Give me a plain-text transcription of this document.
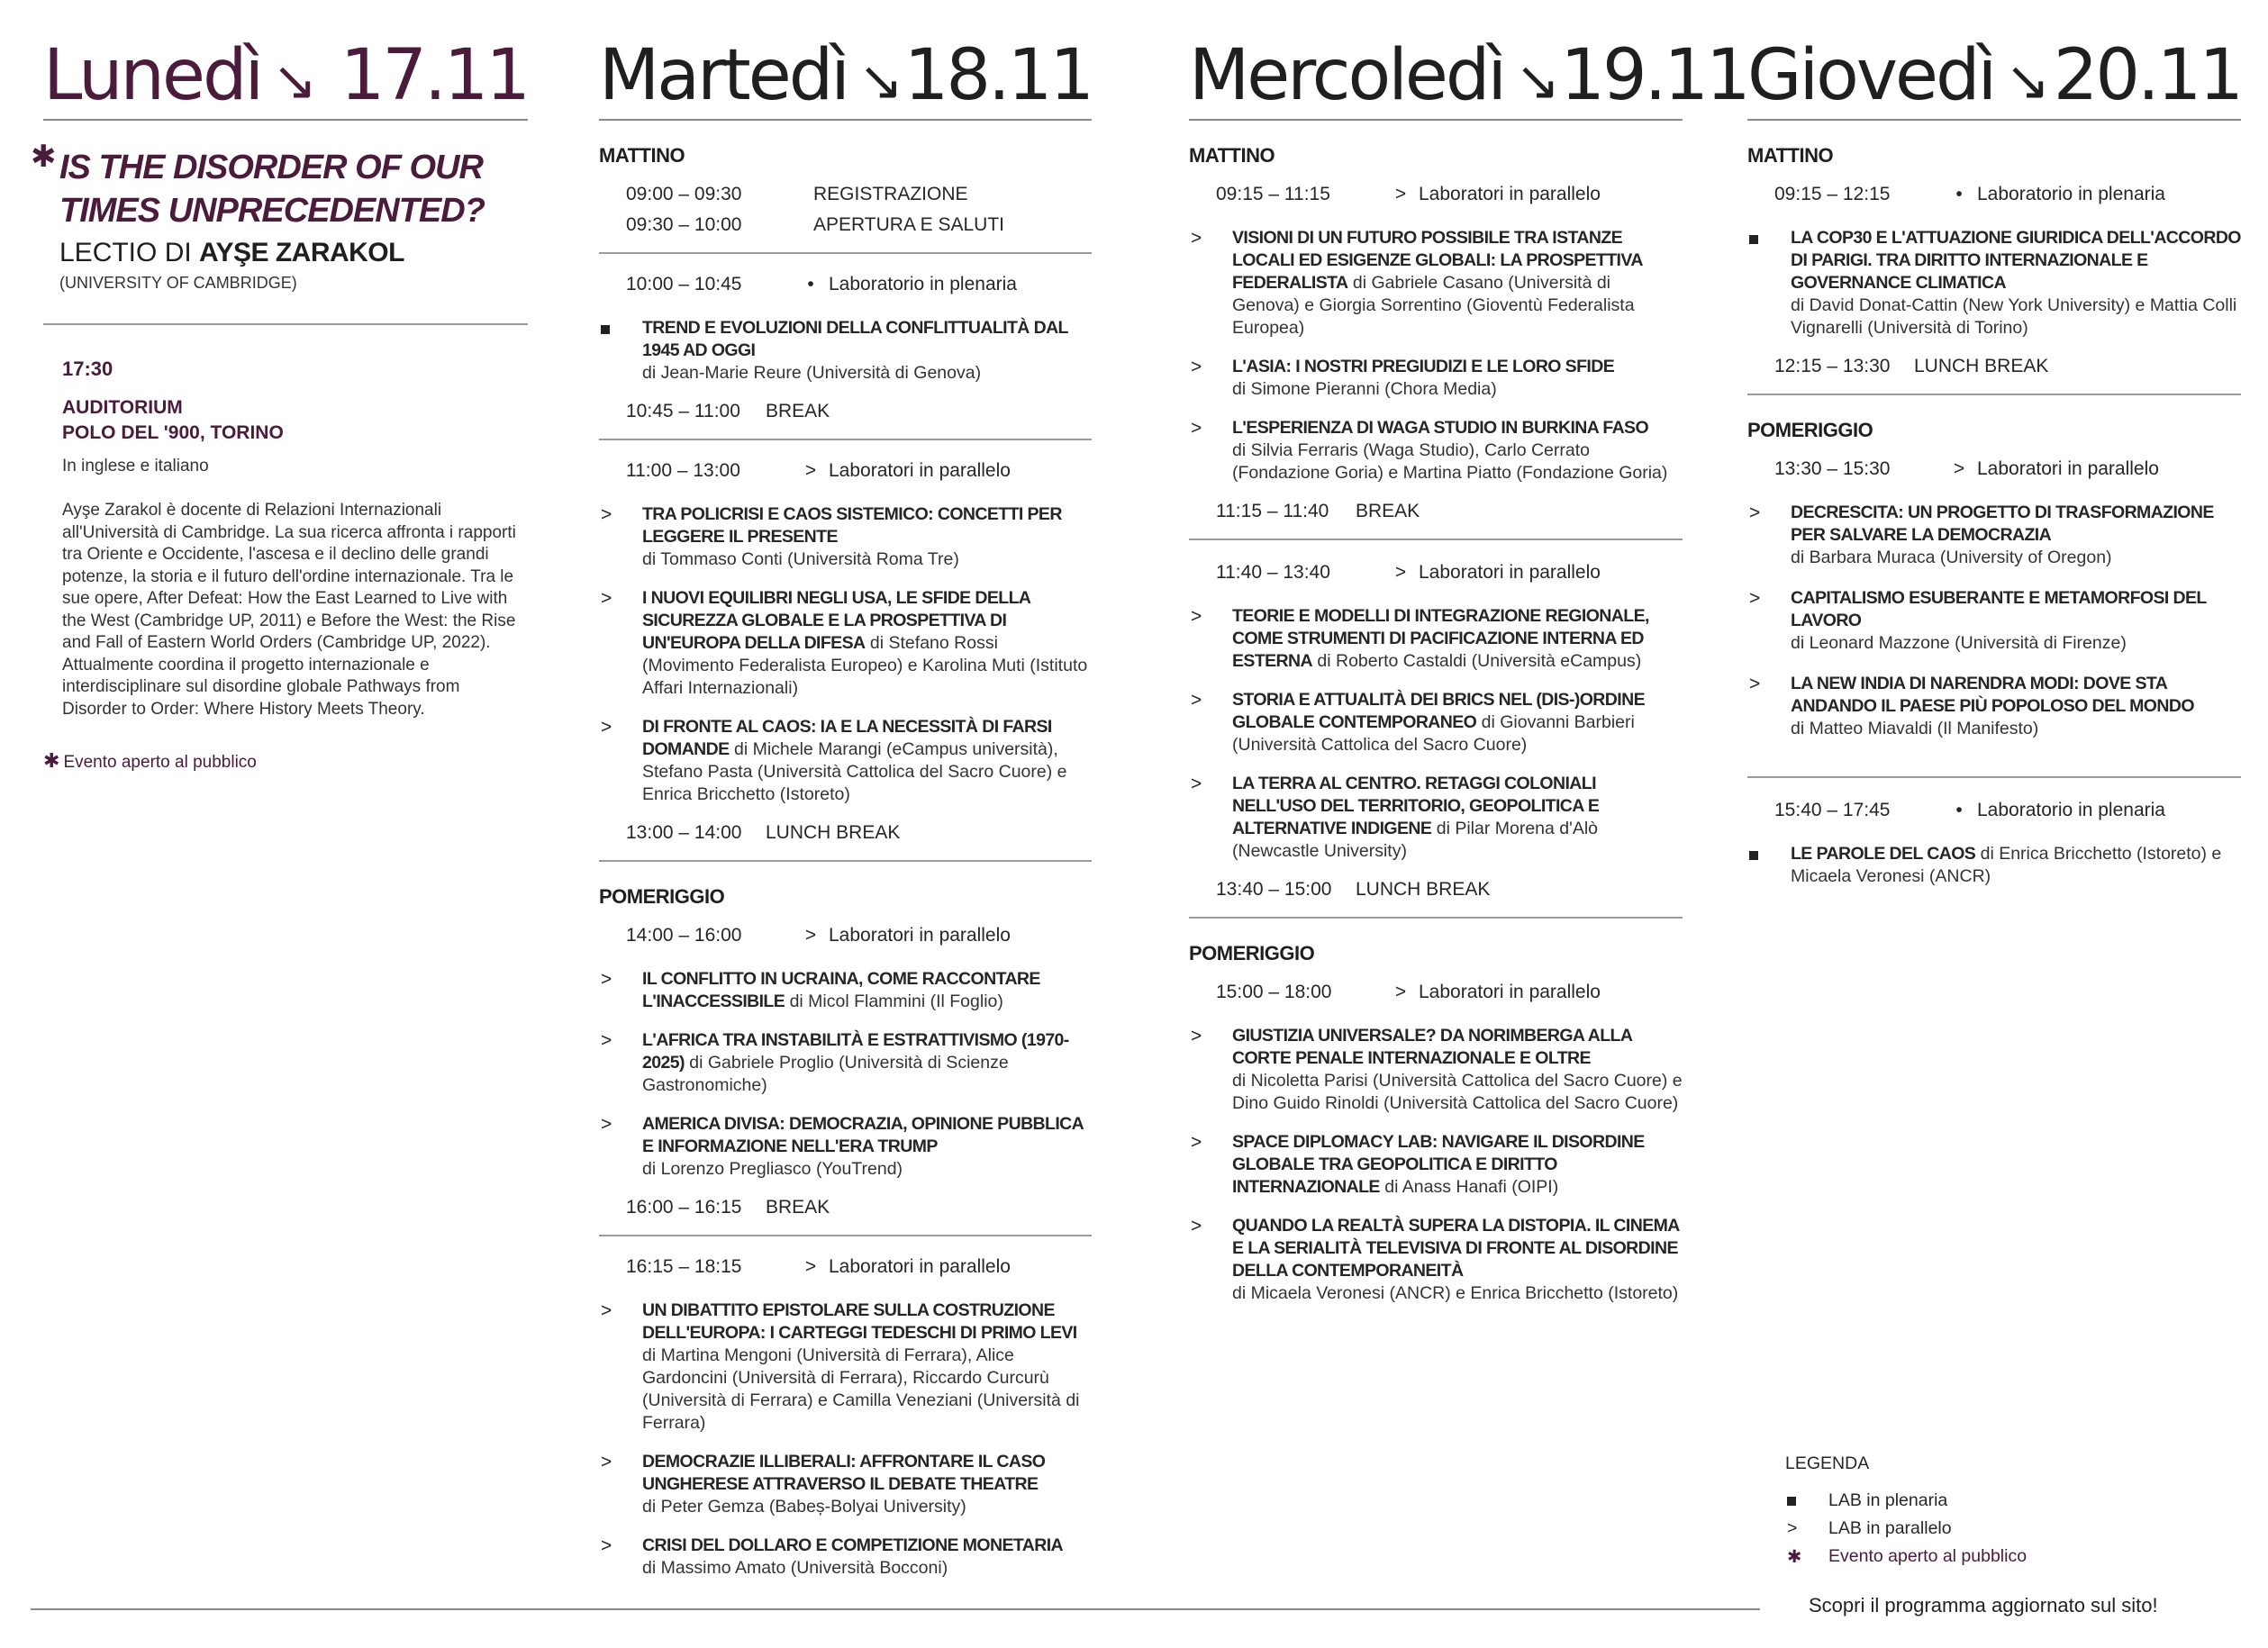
Lunedì ↘ 17.11
✱ IS THE DISORDER OF OUR
TIMES UNPRECEDENTED?
LECTIO DI AYŞE ZARAKOL
(UNIVERSITY OF CAMBRIDGE)
17:30
AUDITORIUM
POLO DEL '900, TORINO
In inglese e italiano
Ayşe Zarakol è docente di Relazioni Internazionali all'Università di Cambridge. La sua ricerca affronta i rapporti tra Oriente e Occidente, l'ascesa e il declino delle grandi potenze, la storia e il futuro dell'ordine internazionale. Tra le sue opere, After Defeat: How the East Learned to Live with the West (Cambridge UP, 2011) e Before the West: the Rise and Fall of Eastern World Orders (Cambridge UP, 2022). Attualmente coordina il progetto internazionale e interdisciplinare sul disordine globale Pathways from Disorder to Order: Where History Meets Theory.
✱ Evento aperto al pubblico
Martedì ↘ 18.11
MATTINO
09:00 – 09:30	REGISTRAZIONE
09:30 – 10:00	APERTURA E SALUTI
10:00 – 10:45	• Laboratorio in plenaria
TREND E EVOLUZIONI DELLA CONFLITTUALITÀ DAL 1945 AD OGGI
di Jean-Marie Reure (Università di Genova)
10:45 – 11:00	BREAK
11:00 – 13:00	> Laboratori in parallelo
>	TRA POLICRISI E CAOS SISTEMICO: CONCETTI PER LEGGERE IL PRESENTE
di Tommaso Conti (Università Roma Tre)
>	I NUOVI EQUILIBRI NEGLI USA, LE SFIDE DELLA SICUREZZA GLOBALE E LA PROSPETTIVA DI UN'EUROPA DELLA DIFESA di Stefano Rossi (Movimento Federalista Europeo) e Karolina Muti (Istituto Affari Internazionali)
>	DI FRONTE AL CAOS: IA E LA NECESSITÀ DI FARSI DOMANDE di Michele Marangi (eCampus università), Stefano Pasta (Università Cattolica del Sacro Cuore) e Enrica Bricchetto (Istoreto)
13:00 – 14:00	LUNCH BREAK
POMERIGGIO
14:00 – 16:00	> Laboratori in parallelo
>	IL CONFLITTO IN UCRAINA, COME RACCONTARE L'INACCESSIBILE di Micol Flammini (Il Foglio)
>	L'AFRICA TRA INSTABILITÀ E ESTRATTIVISMO (1970-2025) di Gabriele Proglio (Università di Scienze Gastronomiche)
>	AMERICA DIVISA: DEMOCRAZIA, OPINIONE PUBBLICA E INFORMAZIONE NELL'ERA TRUMP
di Lorenzo Pregliasco (YouTrend)
16:00 – 16:15	BREAK
16:15 – 18:15	> Laboratori in parallelo
>	UN DIBATTITO EPISTOLARE SULLA COSTRUZIONE DELL'EUROPA: I CARTEGGI TEDESCHI DI PRIMO LEVI
di Martina Mengoni (Università di Ferrara), Alice Gardoncini (Università di Ferrara), Riccardo Curcurù (Università di Ferrara) e Camilla Veneziani (Università di Ferrara)
>	DEMOCRAZIE ILLIBERALI: AFFRONTARE IL CASO UNGHERESE ATTRAVERSO IL DEBATE THEATRE
di Peter Gemza (Babeș-Bolyai University)
>	CRISI DEL DOLLARO E COMPETIZIONE MONETARIA
di Massimo Amato (Università Bocconi)
Mercoledì ↘ 19.11
MATTINO
09:15 – 11:15	> Laboratori in parallelo
>	VISIONI DI UN FUTURO POSSIBILE TRA ISTANZE LOCALI ED ESIGENZE GLOBALI: LA PROSPETTIVA FEDERALISTA di Gabriele Casano (Università di Genova) e Giorgia Sorrentino (Gioventù Federalista Europea)
>	L'ASIA: I NOSTRI PREGIUDIZI E LE LORO SFIDE
di Simone Pieranni (Chora Media)
>	L'ESPERIENZA DI WAGA STUDIO IN BURKINA FASO
di Silvia Ferraris (Waga Studio), Carlo Cerrato (Fondazione Goria) e Martina Piatto (Fondazione Goria)
11:15 – 11:40	BREAK
11:40 – 13:40	> Laboratori in parallelo
>	TEORIE E MODELLI DI INTEGRAZIONE REGIONALE, COME STRUMENTI DI PACIFICAZIONE INTERNA ED ESTERNA di Roberto Castaldi (Università eCampus)
>	STORIA E ATTUALITÀ DEI BRICS NEL (DIS-)ORDINE GLOBALE CONTEMPORANEO di Giovanni Barbieri (Università Cattolica del Sacro Cuore)
>	LA TERRA AL CENTRO. RETAGGI COLONIALI NELL'USO DEL TERRITORIO, GEOPOLITICA E ALTERNATIVE INDIGENE di Pilar Morena d'Alò (Newcastle University)
13:40 – 15:00	LUNCH BREAK
POMERIGGIO
15:00 – 18:00	> Laboratori in parallelo
>	GIUSTIZIA UNIVERSALE? DA NORIMBERGA ALLA CORTE PENALE INTERNAZIONALE E OLTRE
di Nicoletta Parisi (Università Cattolica del Sacro Cuore) e Dino Guido Rinoldi (Università Cattolica del Sacro Cuore)
>	SPACE DIPLOMACY LAB: NAVIGARE IL DISORDINE GLOBALE TRA GEOPOLITICA E DIRITTO INTERNAZIONALE di Anass Hanafi (OIPI)
>	QUANDO LA REALTÀ SUPERA LA DISTOPIA. IL CINEMA E LA SERIALITÀ TELEVISIVA DI FRONTE AL DISORDINE DELLA CONTEMPORANEITÀ
di Micaela Veronesi (ANCR) e Enrica Bricchetto (Istoreto)
Giovedì ↘ 20.11
MATTINO
09:15 – 12:15	• Laboratorio in plenaria
LA COP30 E L'ATTUAZIONE GIURIDICA DELL'ACCORDO DI PARIGI. TRA DIRITTO INTERNAZIONALE E GOVERNANCE CLIMATICA
di David Donat-Cattin (New York University) e Mattia Colli Vignarelli (Università di Torino)
12:15 – 13:30	LUNCH BREAK
POMERIGGIO
13:30 – 15:30	> Laboratori in parallelo
>	DECRESCITA: UN PROGETTO DI TRASFORMAZIONE PER SALVARE LA DEMOCRAZIA
di Barbara Muraca (University of Oregon)
>	CAPITALISMO ESUBERANTE E METAMORFOSI DEL LAVORO
di Leonard Mazzone (Università di Firenze)
>	LA NEW INDIA DI NARENDRA MODI: DOVE STA ANDANDO IL PAESE PIÙ POPOLOSO DEL MONDO
di Matteo Miavaldi (Il Manifesto)
15:40 – 17:45	• Laboratorio in plenaria
LE PAROLE DEL CAOS di Enrica Bricchetto (Istoreto) e Micaela Veronesi (ANCR)
LEGENDA
LAB in plenaria
>	LAB in parallelo
✱	Evento aperto al pubblico
Scopri il programma aggiornato sul sito!
